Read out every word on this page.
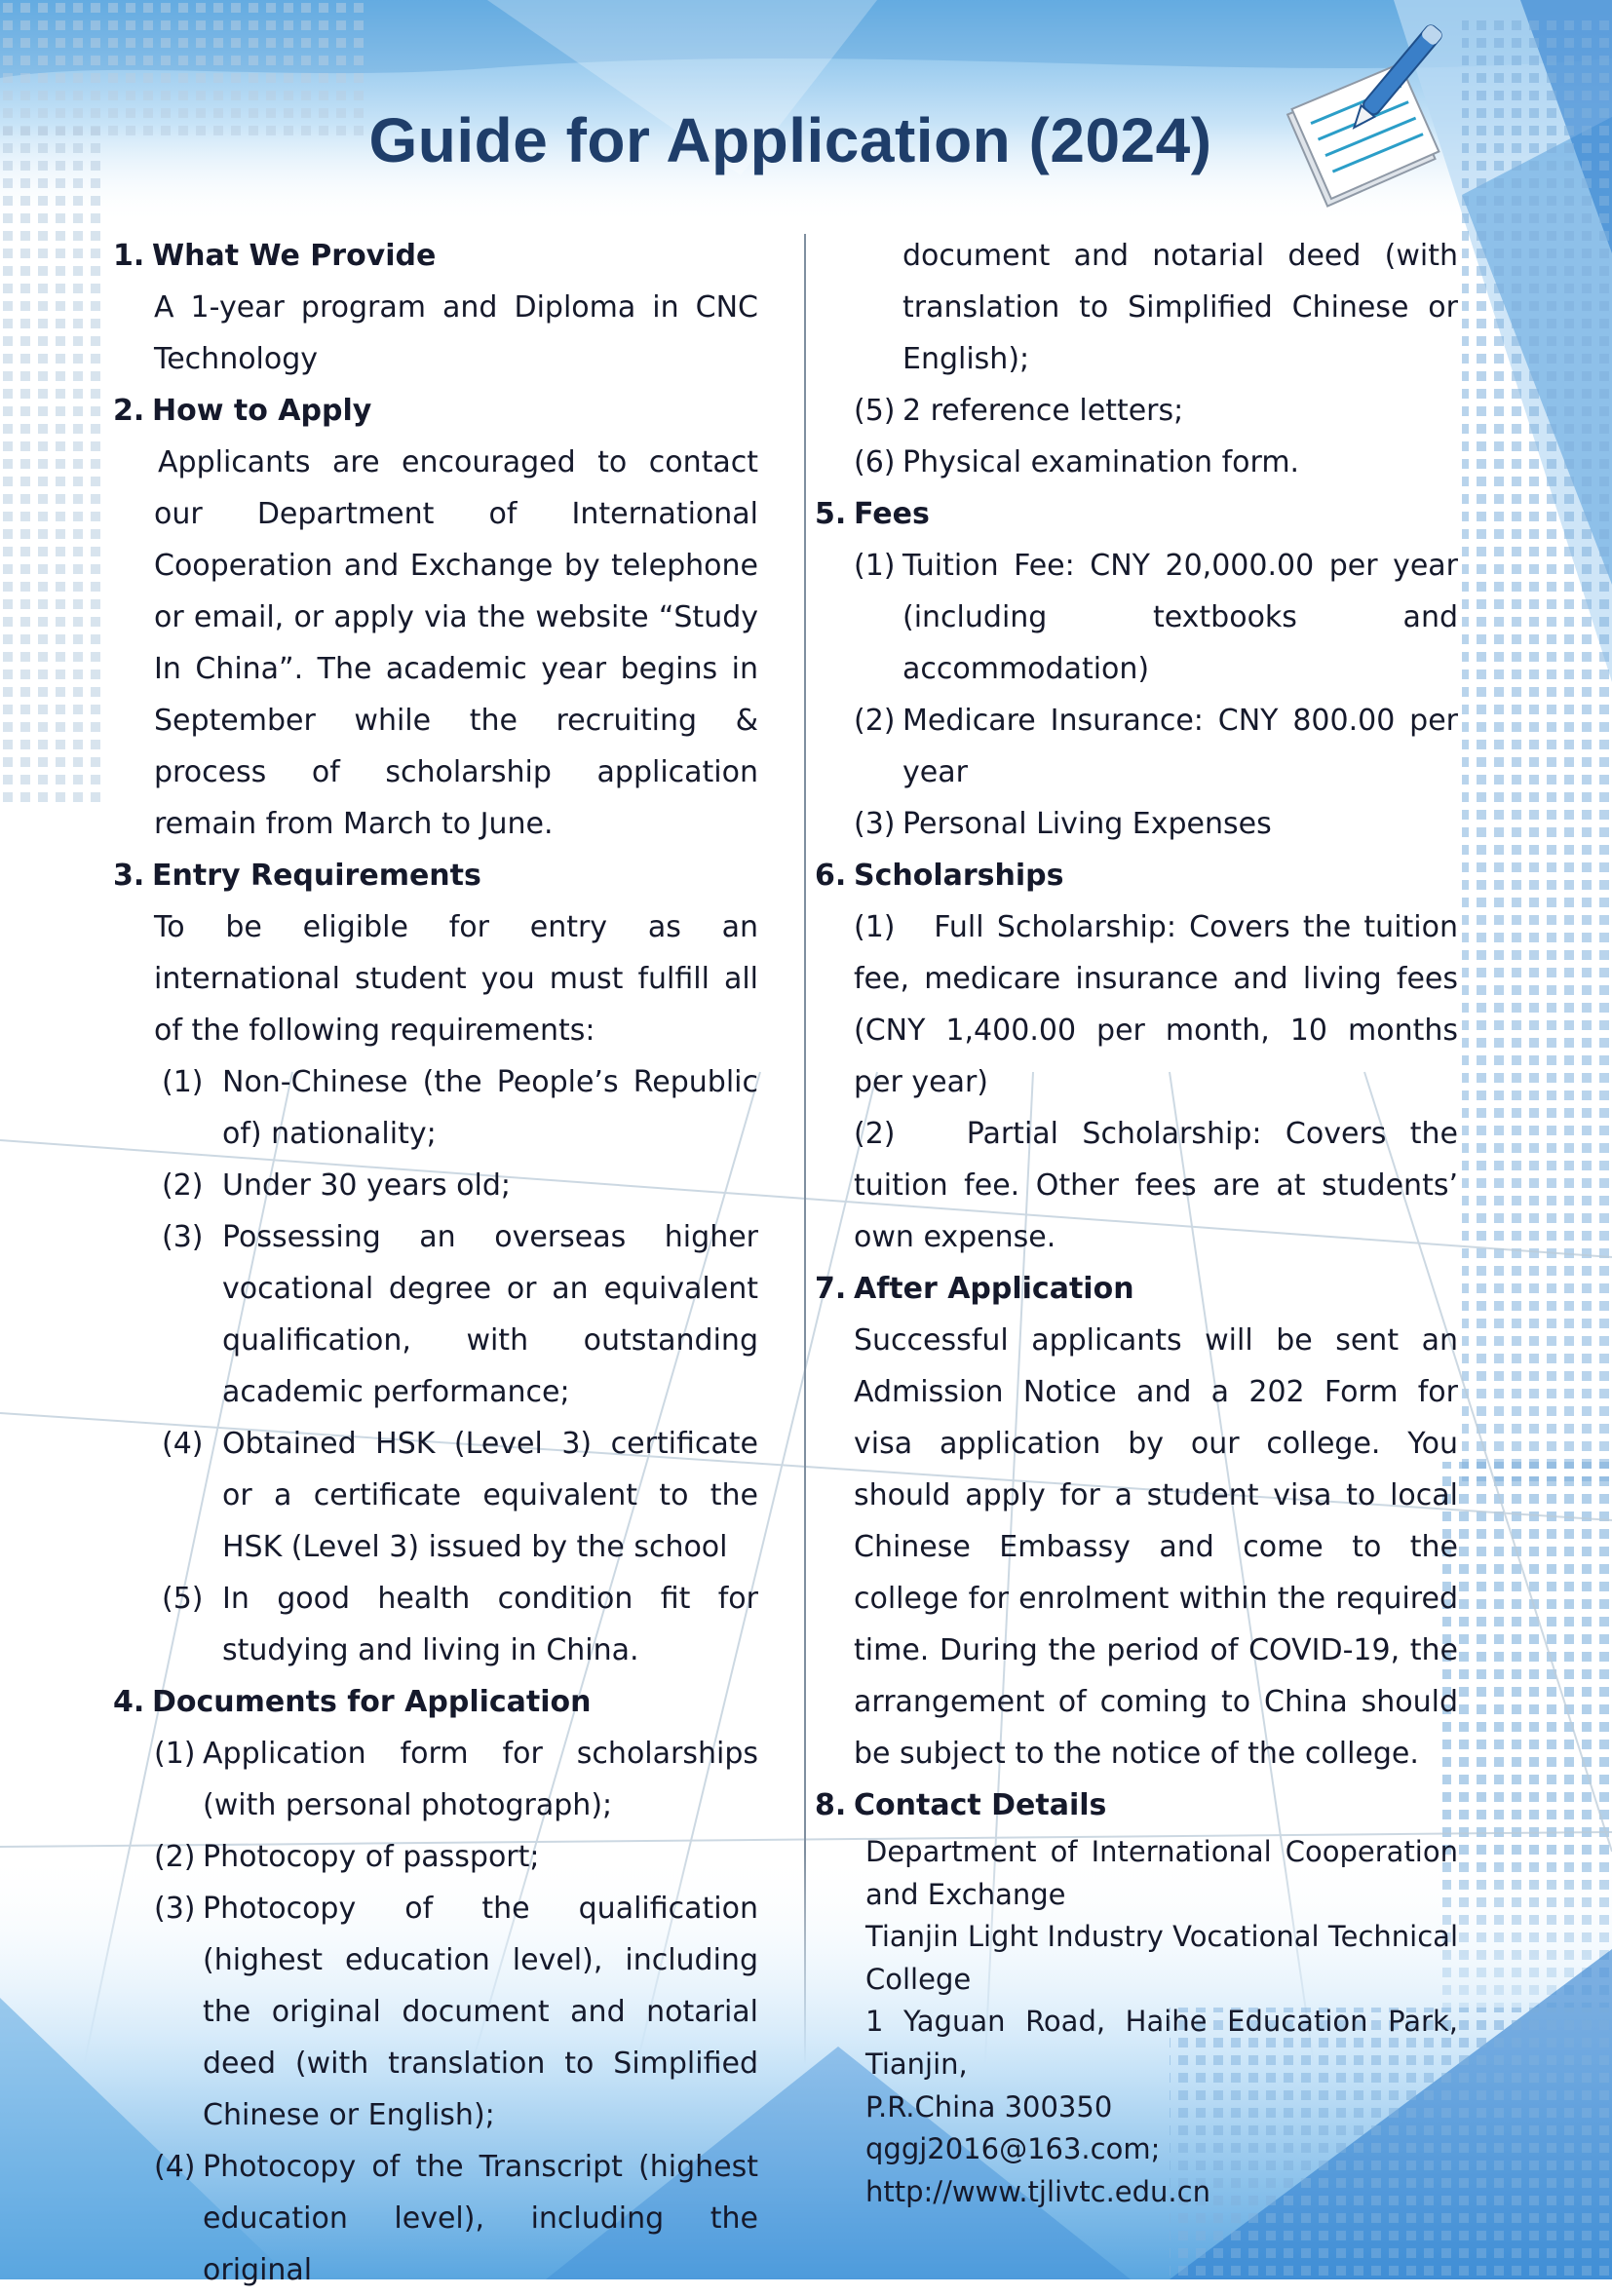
Guide for Application (2024)
1. What We Provide
A 1-year program and Diploma in CNC Technology
2. How to Apply
Applicants are encouraged to contact our Department of International Cooperation and Exchange by telephone or email, or apply via the website “Study In China”. The academic year begins in September while the recruiting & process of scholarship application remain from March to June.
3. Entry Requirements
To be eligible for entry as an international student you must fulfill all of the following requirements:
(1) Non-Chinese (the People’s Republic of) nationality;
(2) Under 30 years old;
(3) Possessing an overseas higher vocational degree or an equivalent qualification, with outstanding academic performance;
(4) Obtained HSK (Level 3) certificate or a certificate equivalent to the HSK (Level 3) issued by the school
(5) In good health condition fit for studying and living in China.
4. Documents for Application
(1) Application form for scholarships (with personal photograph);
(2) Photocopy of passport;
(3) Photocopy of the qualification (highest education level), including the original document and notarial deed (with translation to Simplified Chinese or English);
(4) Photocopy of the Transcript (highest education level), including the original
document and notarial deed (with translation to Simplified Chinese or English);
(5) 2 reference letters;
(6) Physical examination form.
5. Fees
(1) Tuition Fee: CNY 20,000.00 per year (including textbooks and accommodation)
(2) Medicare Insurance: CNY 800.00 per year
(3) Personal Living Expenses
6. Scholarships
(1) Full Scholarship: Covers the tuition fee, medicare insurance and living fees (CNY 1,400.00 per month, 10 months per year)
(2) Partial Scholarship: Covers the tuition fee. Other fees are at students’ own expense.
7. After Application
Successful applicants will be sent an Admission Notice and a 202 Form for visa application by our college. You should apply for a student visa to local Chinese Embassy and come to the college for enrolment within the required time. During the period of COVID-19, the arrangement of coming to China should be subject to the notice of the college.
8. Contact Details
Department of International Cooperation
and Exchange
Tianjin Light Industry Vocational Technical
College
1 Yaguan Road, Haihe Education Park, Tianjin,
P.R.China 300350
qggj2016@163.com;
http://www.tjlivtc.edu.cn
